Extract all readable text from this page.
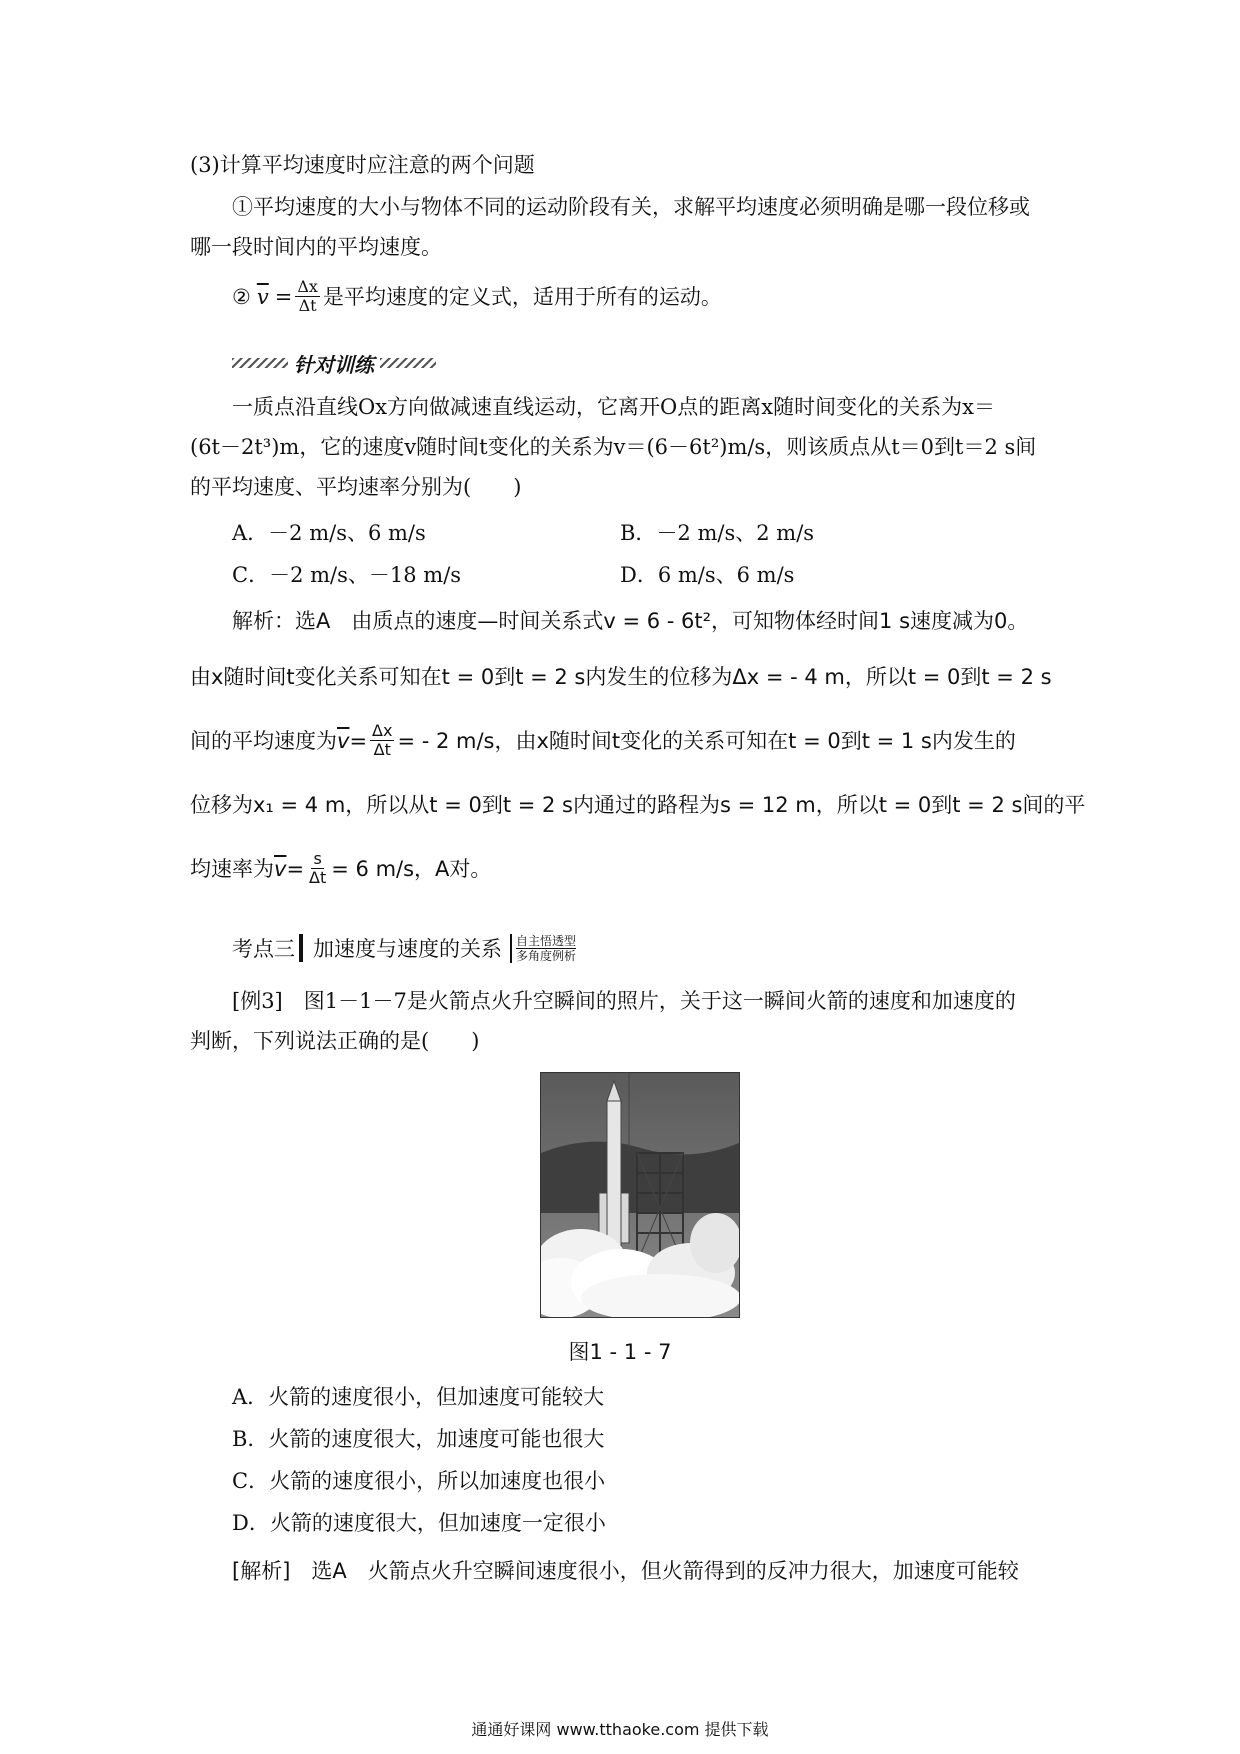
(3)计算平均速度时应注意的两个问题
①平均速度的大小与物体不同的运动阶段有关，求解平均速度必须明确是哪一段位移或
哪一段时间内的平均速度。
② $\overline{v} = \frac{\Delta x}{\Delta t}$ 是平均速度的定义式，适用于所有的运动。
针对训练
一质点沿直线Ox方向做减速直线运动，它离开O点的距离x随时间变化的关系为x＝
(6t－2t³)m，它的速度v随时间t变化的关系为v＝(6－6t²)m/s，则该质点从t＝0到t＝2 s间
的平均速度、平均速率分别为(　　)
A．－2 m/s、6 m/s	B．－2 m/s、2 m/s
C．－2 m/s、－18 m/s	D．6 m/s、6 m/s
解析：选A　由质点的速度—时间关系式v = 6 - 6t²，可知物体经时间1 s速度减为0。
由x随时间t变化关系可知在t = 0到t = 2 s内发生的位移为Δx = - 4 m，所以t = 0到t = 2 s
间的平均速度为 $\overline{v} = \frac{\Delta x}{\Delta t}$ = - 2 m/s，由x随时间t变化的关系可知在t = 0到t = 1 s内发生的
位移为x₁ = 4 m，所以从t = 0到t = 2 s内通过的路程为s = 12 m，所以t = 0到t = 2 s间的平
均速率为 $\overline{v} = \frac{s}{\Delta t} = 6$ m/s，A对。
考点三 加速度与速度的关系 自主悟透型
多角度例析
[例3]　图1－1－7是火箭点火升空瞬间的照片，关于这一瞬间火箭的速度和加速度的
判断，下列说法正确的是(　　)
图1 - 1 - 7
A．火箭的速度很小，但加速度可能较大
B．火箭的速度很大，加速度可能也很大
C．火箭的速度很小，所以加速度也很小
D．火箭的速度很大，但加速度一定很小
[解析]　选A　火箭点火升空瞬间速度很小，但火箭得到的反冲力很大，加速度可能较
通通好课网 www.tthaoke.com 提供下载
